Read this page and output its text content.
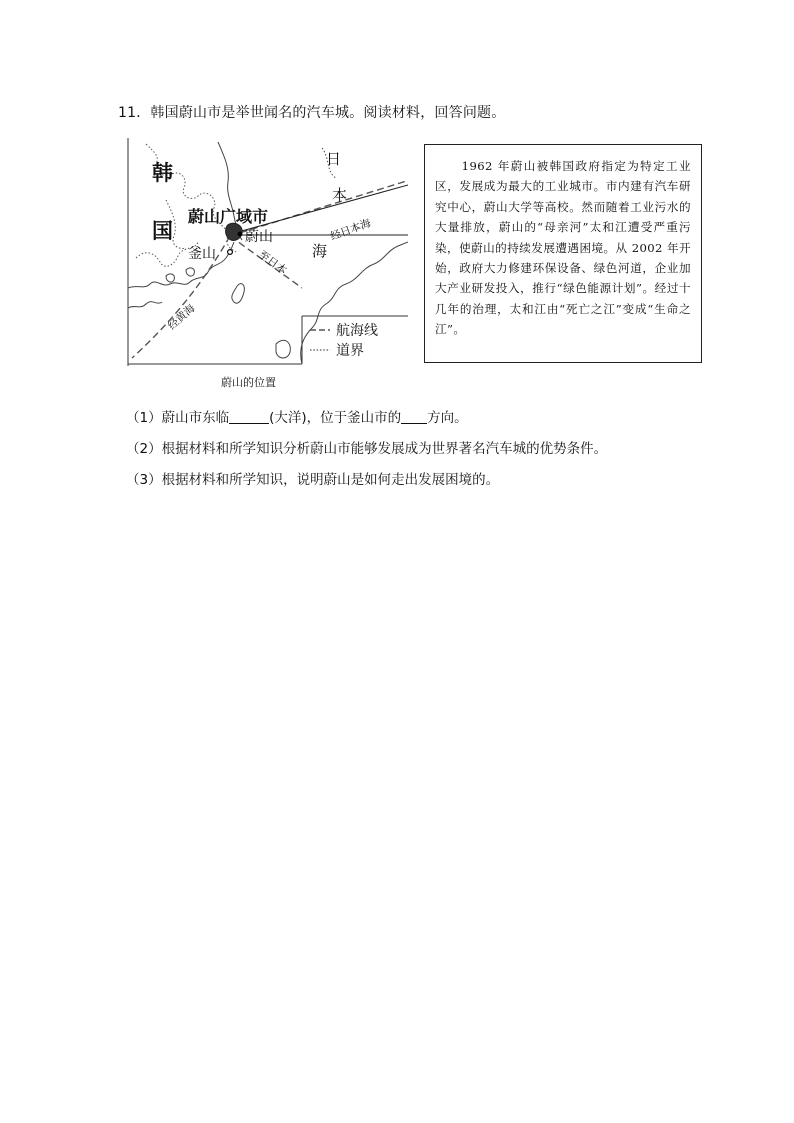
11．韩国蔚山市是举世闻名的汽车城。阅读材料，回答问题。
韩
国
日
本
海
蔚山广域市
蔚山
釜山
经日本海
至日本
经黄海	航海线
道界
蔚山的位置

1962 年蔚山被韩国政府指定为特定工业区，发展成为最大的工业城市。市内建有汽车研究中心，蔚山大学等高校。然而随着工业污水的大量排放，蔚山的“母亲河”太和江遭受严重污染，使蔚山的持续发展遭遇困境。从 2002 年开始，政府大力修建环保设备、绿色河道，企业加大产业研发投入，推行“绿色能源计划”。经过十几年的治理，太和江由“死亡之江”变成“生命之江”。

（1）蔚山市东临	(大洋)，位于釜山市的 方向。
（2）根据材料和所学知识分析蔚山市能够发展成为世界著名汽车城的优势条件。
（3）根据材料和所学知识，说明蔚山是如何走出发展困境的。
